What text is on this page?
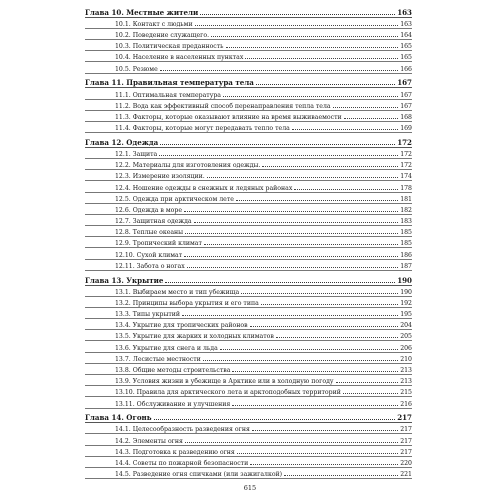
Глава 10. Местные жители	163
10.1. Контакт с людьми	163
10.2. Поведение служащего.	164
10.3. Политическая преданность	165
10.4. Население в населенных пунктах	165
10.5. Резюме	166
Глава 11. Правильная температура тела	167
11.1. Оптимальная температура	167
11.2. Вода как эффективный способ перенаправления тепла тела	167
11.3. Факторы, которые оказывают влияние на время выживаемости	168
11.4. Факторы, которые могут передавать тепло тела	169
Глава 12. Одежда	172
12.1. Защита	172
12.2. Материалы для изготовления одежды.	172
12.3. Измерение изоляции.	174
12.4. Ношение одежды в снежных и ледяных районах	178
12.5. Одежда при арктическом лете	181
12.6. Одежда в море	182
12.7. Защитная одежда	183
12.8. Теплые океаны	185
12.9. Тропический климат	185
12.10. Сухой климат	186
12.11. Забота о ногах	187
Глава 13. Укрытие	190
13.1. Выбираем место и тип убежища	190
13.2. Принципы выбора укрытия и его типа	192
13.3. Типы укрытий	195
13.4. Укрытие для тропических районов	204
13.5. Укрытие для жарких и холодных климатов	205
13.6. Укрытие для снега и льда	206
13.7. Лесистые местности	210
13.8. Общие методы строительства	213
13.9. Условия жизни в убежище в Арктике или в холодную погоду	213
13.10. Правила для арктического лета и арктоподобных территорий	215
13.11. Обслуживание и улучшения	216
Глава 14. Огонь	217
14.1. Целесообразность разведения огня	217
14.2. Элементы огня	217
14.3. Подготовка к разведению огня	217
14.4. Советы по пожарной безопасности	220
14.5. Разведение огня спичками (или зажигалкой)	221
615
